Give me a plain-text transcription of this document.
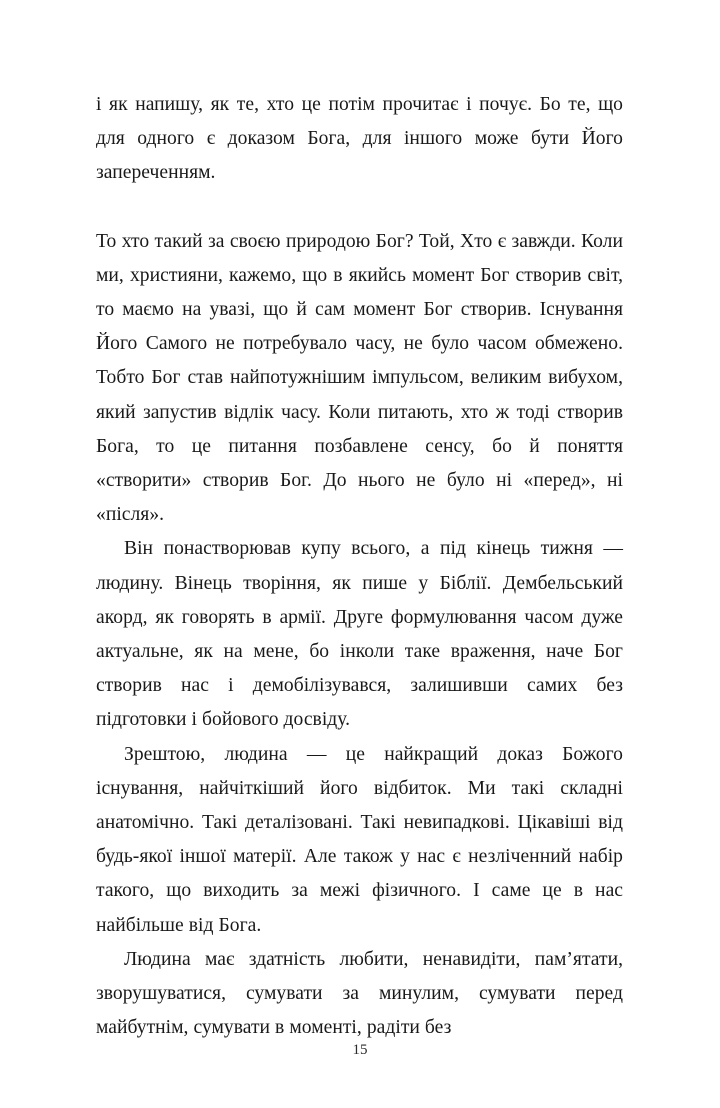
і як напишу, як те, хто це потім прочитає і почує. Бо те, що для одного є доказом Бога, для іншого може бути Його запереченням.

То хто такий за своєю природою Бог? Той, Хто є завжди. Коли ми, християни, кажемо, що в якийсь момент Бог створив світ, то маємо на увазі, що й сам момент Бог створив. Існування Його Самого не потребувало часу, не було часом обмежено. Тобто Бог став найпотужнішим імпульсом, великим вибухом, який запустив відлік часу. Коли питають, хто ж тоді створив Бога, то це питання позбавлене сенсу, бо й поняття «створити» створив Бог. До нього не було ні «перед», ні «після».

Він понастворював купу всього, а під кінець тижня — людину. Вінець творіння, як пише у Біблії. Дембельський акорд, як говорять в армії. Друге формулювання часом дуже актуальне, як на мене, бо інколи таке враження, наче Бог створив нас і демобілізувався, залишивши самих без підготовки і бойового досвіду.

Зрештою, людина — це найкращий доказ Божого існування, найчіткіший його відбиток. Ми такі складні анатомічно. Такі деталізовані. Такі невипадкові. Цікавіші від будь-якої іншої матерії. Але також у нас є незліченний набір такого, що виходить за межі фізичного. І саме це в нас найбільше від Бога.

Людина має здатність любити, ненавидіти, пам’ятати, зворушуватися, сумувати за минулим, сумувати перед майбутнім, сумувати в моменті, радіти без

15
